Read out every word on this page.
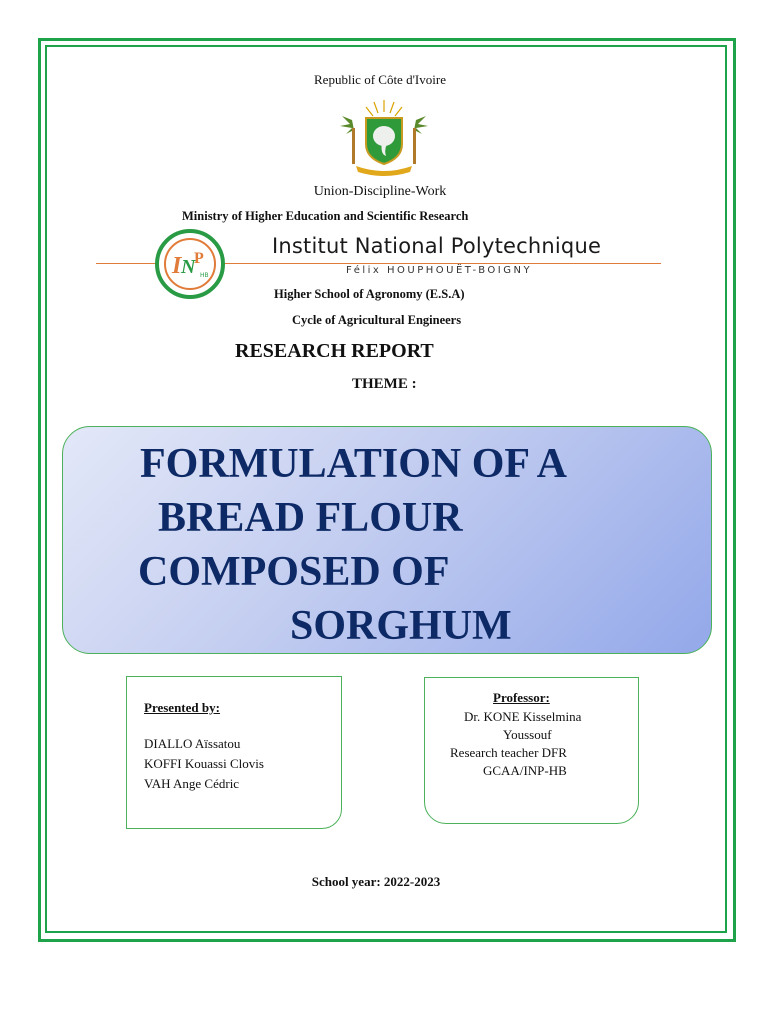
Republic of Côte d'Ivoire
Union-Discipline-Work
Ministry of Higher Education and Scientific Research
I N
P
HB
Institut National Polytechnique
Félix HOUPHOUËT-BOIGNY
Higher School of Agronomy (E.S.A)
Cycle of Agricultural Engineers
RESEARCH REPORT
THEME :
FORMULATION OF A
BREAD FLOUR
COMPOSED OF
SORGHUM
Presented by:
DIALLO Aïssatou
KOFFI Kouassi Clovis
VAH Ange Cédric
Professor:
Dr. KONE Kisselmina
Youssouf
Research teacher DFR
GCAA/INP-HB
School year: 2022-2023
